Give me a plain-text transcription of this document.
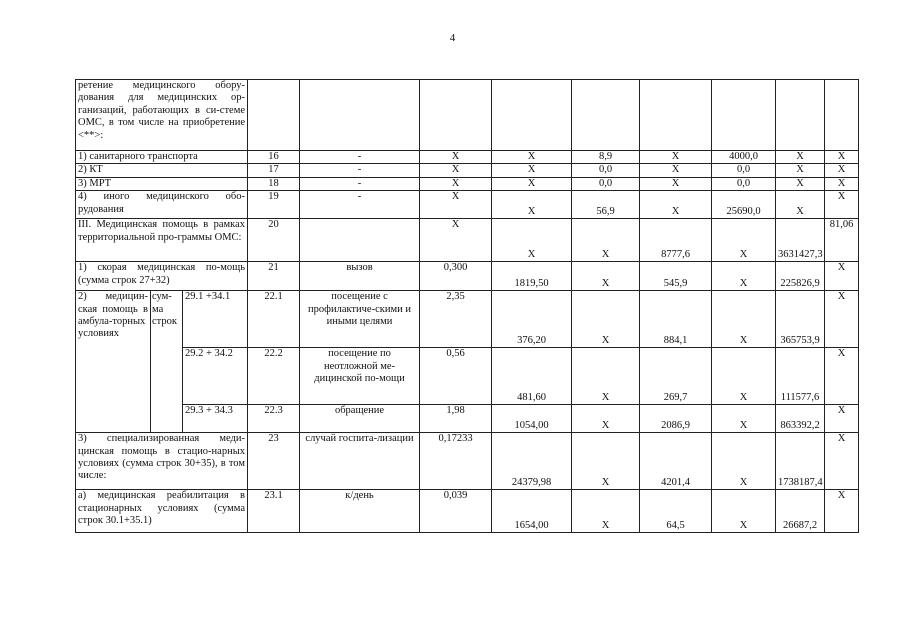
4
ретение медицинского обору-дования для медицинских ор-ганизаций, работающих в си-стеме ОМС, в том числе на приобретение <**>:											
1) санитарного транспорта			16	-	X	X	8,9	X	4000,0	X	X
2) КТ			17	-	X	X	0,0	X	0,0	X	X
3) МРТ			18	-	X	X	0,0	X	0,0	X	X
4) иного медицинского обо-рудования			19	-	X	X	56,9	X	25690,0	X	X
III. Медицинская помощь в рамках территориальной про-граммы ОМС:			20		X	X	X	8777,6	X	3631427,3	81,06
1) скорая медицинская по-мощь (сумма строк 27+32)			21	вызов	0,300	1819,50	X	545,9	X	225826,9	X
2) медицин-ская помощь в амбула-торных условиях	сум-ма строк	29.1 +34.1	22.1	посещение с профилактиче-скими и иными целями	2,35	376,20	X	884,1	X	365753,9	X
		29.2 + 34.2	22.2	посещение по неотложной ме-дицинской по-мощи	0,56	481,60	X	269,7	X	111577,6	X
		29.3 + 34.3	22.3	обращение	1,98	1054,00	X	2086,9	X	863392,2	X
3) специализированная меди-цинская помощь в стацио-нарных условиях (сумма строк 30+35), в том числе:			23	случай госпита-лизации	0,17233	24379,98	X	4201,4	X	1738187,4	X
а) медицинская реабилитация в стационарных условиях (сумма строк 30.1+35.1)			23.1	к/день	0,039	1654,00	X	64,5	X	26687,2	X
